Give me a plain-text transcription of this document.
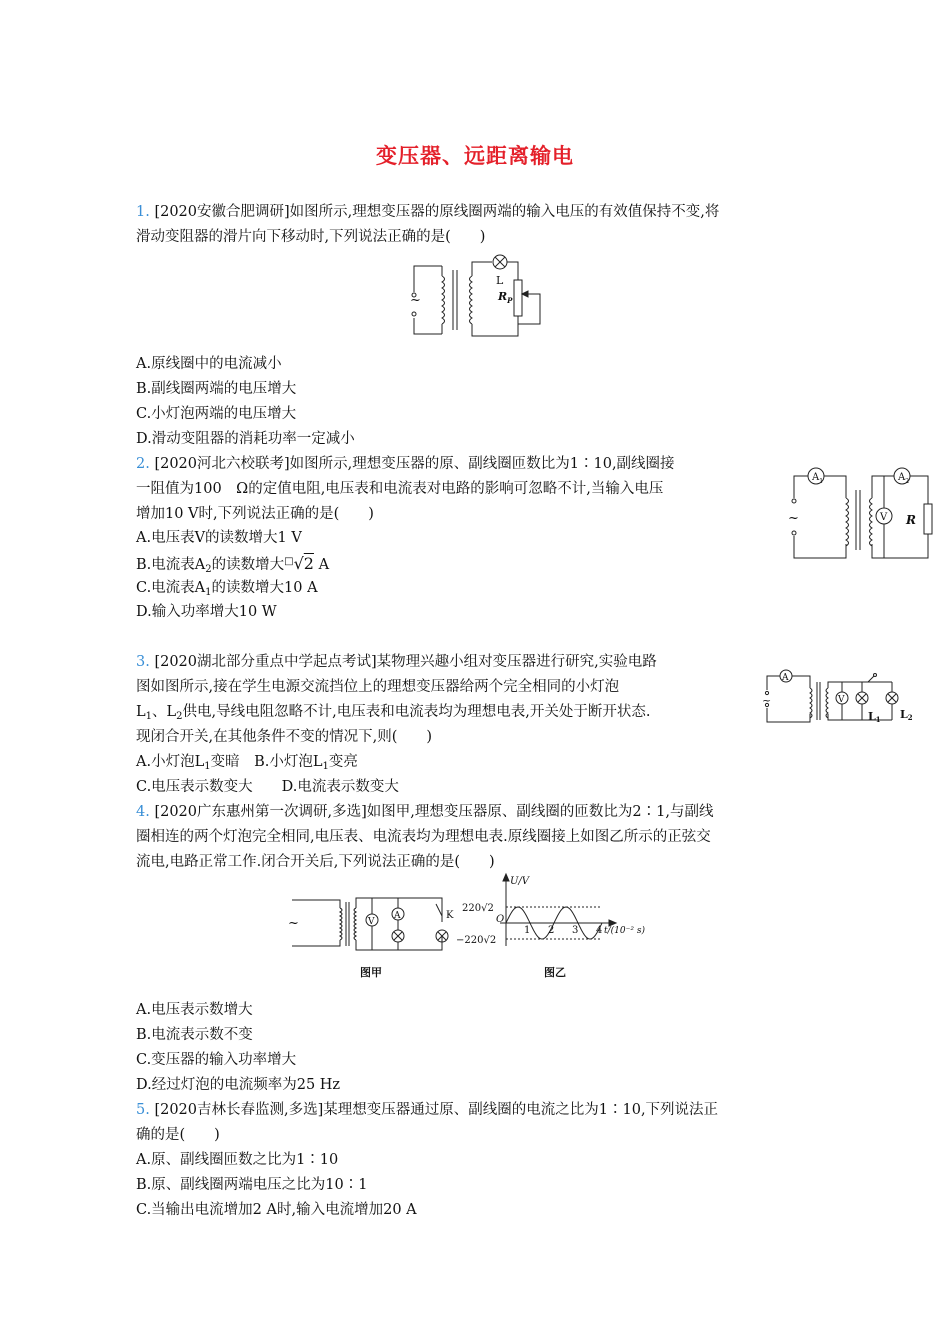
变压器、远距离输电
1. [2020安徽合肥调研]如图所示,理想变压器的原线圈两端的输入电压的有效值保持不变,将
滑动变阻器的滑片向下移动时,下列说法正确的是(　　)
~
L
$R_P$
A.原线圈中的电流减小
B.副线圈两端的电压增大
C.小灯泡两端的电压增大
D.滑动变阻器的消耗功率一定减小
2. [2020河北六校联考]如图所示,理想变压器的原、副线圈匝数比为1∶10,副线圈接
一阻值为100　Ω的定值电阻,电压表和电流表对电路的影响可忽略不计,当输入电压
增加10 V时,下列说法正确的是(　　)
$A_1$	$A_2$
V R
~
A.电压表V的读数增大1 V
B.电流表$A_2$的读数增大□√2 A
C.电流表$A_1$的读数增大10 A
D.输入功率增大10 W
3. [2020湖北部分重点中学起点考试]某物理兴趣小组对变压器进行研究,实验电路
图如图所示,接在学生电源交流挡位上的理想变压器给两个完全相同的小灯泡
$L_1$、$L_2$供电,导线电阻忽略不计,电压表和电流表均为理想电表,开关处于断开状态.
现闭合开关,在其他条件不变的情况下,则(　　)
A
V
L1 L2
~
A.小灯泡$L_1$变暗　B.小灯泡$L_1$变亮
C.电压表示数变大　　D.电流表示数变大
4. [2020广东惠州第一次调研,多选]如图甲,理想变压器原、副线圈的匝数比为2∶1,与副线
圈相连的两个灯泡完全相同,电压表、电流表均为理想电表.原线圈接上如图乙所示的正弦交
流电,电路正常工作.闭合开关后,下列说法正确的是(　　)
~	V
A	K
图甲
U/V
220√2
−220√2
O
1 2 3 4 t/(10⁻² s)
图乙
A.电压表示数增大
B.电流表示数不变
C.变压器的输入功率增大
D.经过灯泡的电流频率为25 Hz
5. [2020吉林长春监测,多选]某理想变压器通过原、副线圈的电流之比为1∶10,下列说法正
确的是(　　)
A.原、副线圈匝数之比为1∶10
B.原、副线圈两端电压之比为10∶1
C.当输出电流增加2 A时,输入电流增加20 A
